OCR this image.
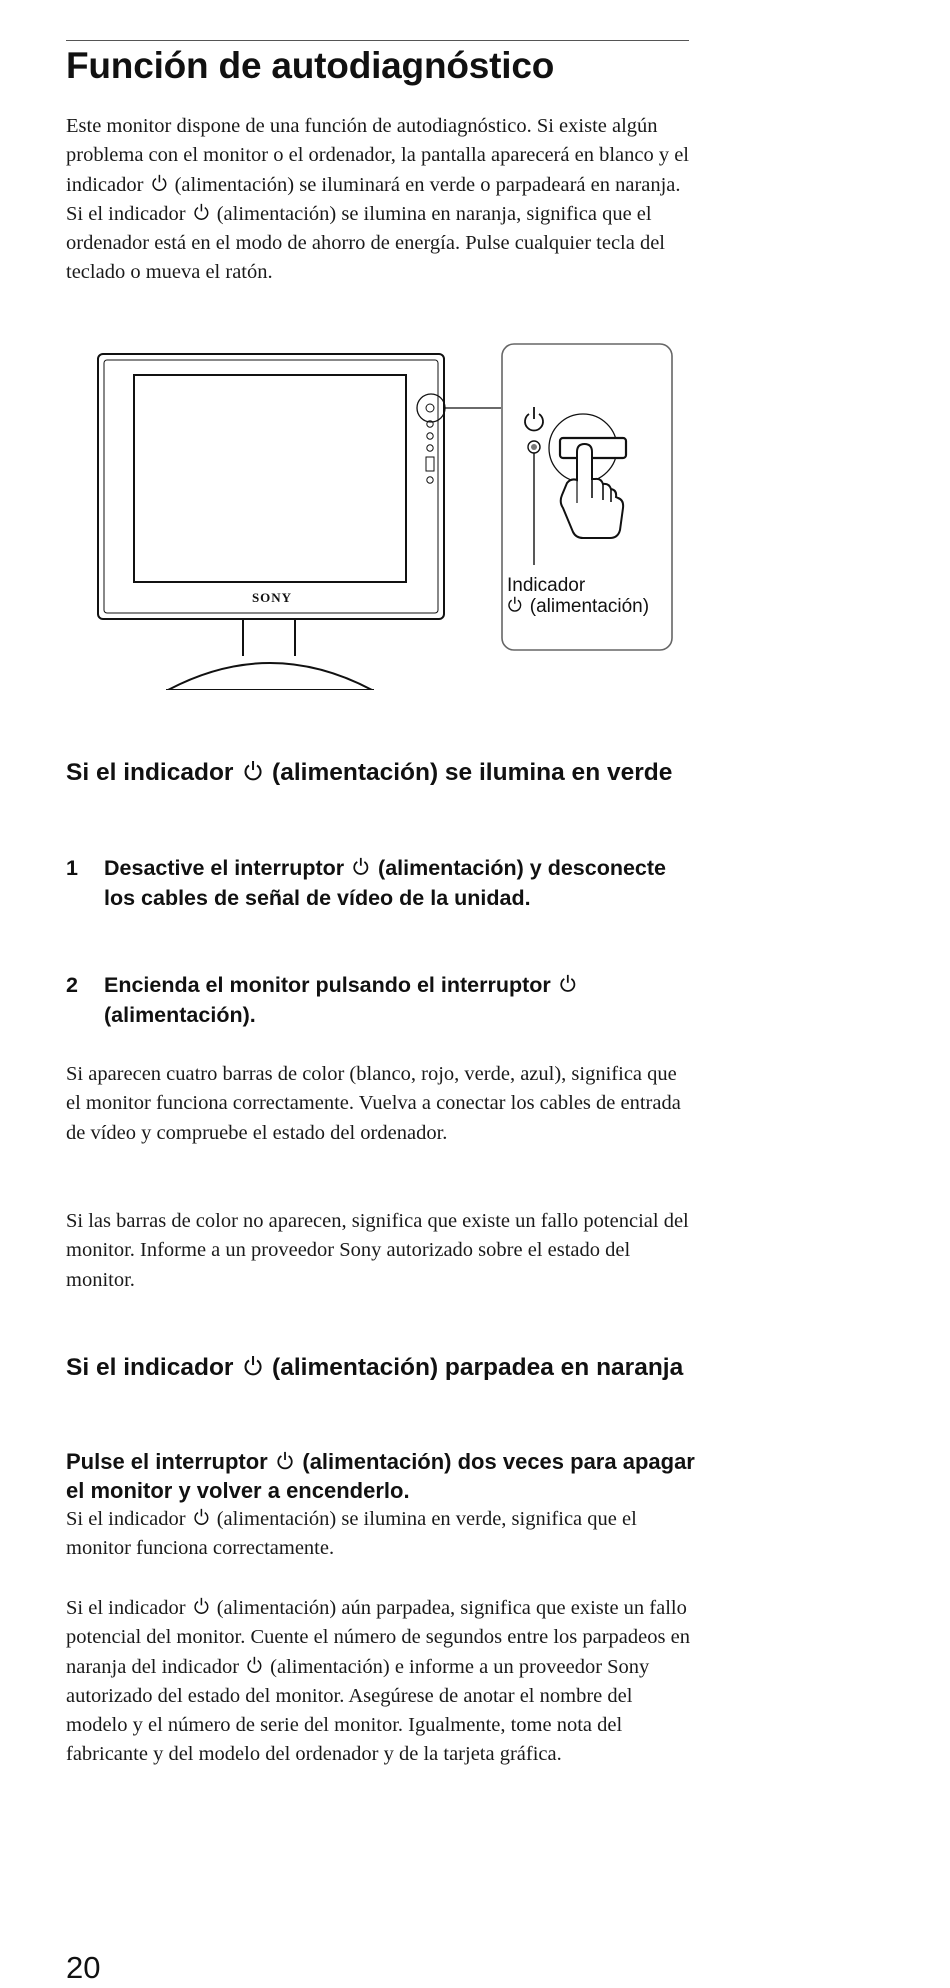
Función de autodiagnóstico

Este monitor dispone de una función de autodiagnóstico. Si existe algún problema con el monitor o el ordenador, la pantalla aparecerá en blanco y el indicador (alimentación) se iluminará en verde o parpadeará en naranja. Si el indicador (alimentación) se ilumina en naranja, significa que el ordenador está en el modo de ahorro de energía. Pulse cualquier tecla del teclado o mueva el ratón.

SONY
Indicador
(alimentación)
Si el indicador (alimentación) se ilumina en verde
1 Desactive el interruptor (alimentación) y desconecte los cables de señal de vídeo de la unidad.
2 Encienda el monitor pulsando el interruptor
(alimentación).

Si aparecen cuatro barras de color (blanco, rojo, verde, azul), significa que el monitor funciona correctamente. Vuelva a conectar los cables de entrada de vídeo y compruebe el estado del ordenador.

Si las barras de color no aparecen, significa que existe un fallo potencial del monitor. Informe a un proveedor Sony autorizado sobre el estado del monitor.

Si el indicador (alimentación) parpadea en naranja
Pulse el interruptor (alimentación) dos veces para apagar el monitor y volver a encenderlo.

Si el indicador (alimentación) se ilumina en verde, significa que el monitor funciona correctamente.

Si el indicador (alimentación) aún parpadea, significa que existe un fallo potencial del monitor. Cuente el número de segundos entre los parpadeos en naranja del indicador (alimentación) e informe a un proveedor Sony autorizado del estado del monitor. Asegúrese de anotar el nombre del modelo y el número de serie del monitor. Igualmente, tome nota del fabricante y del modelo del ordenador y de la tarjeta gráfica.

20
